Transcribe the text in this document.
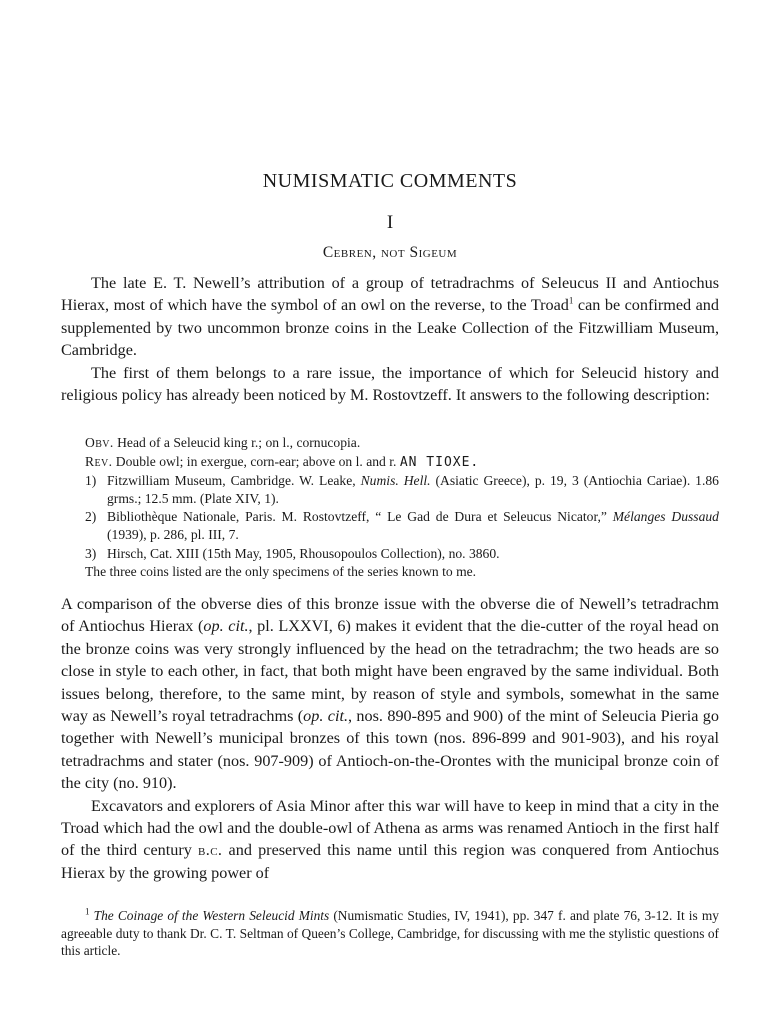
NUMISMATIC COMMENTS
I
Cebren, not Sigeum

The late E. T. Newell’s attribution of a group of tetradrachms of Seleucus II and Antiochus Hierax, most of which have the symbol of an owl on the reverse, to the Troad$^1$ can be confirmed and supplemented by two uncommon bronze coins in the Leake Collection of the Fitzwilliam Museum, Cambridge.

The first of them belongs to a rare issue, the importance of which for Seleucid history and religious policy has already been noticed by M. Rostovtzeff. It answers to the following description:

Obv. Head of a Seleucid king r.; on l., cornucopia.

Rev. Double owl; in exergue, corn-ear; above on l. and r. AN TIOXE.

1) Fitzwilliam Museum, Cambridge. W. Leake, Numis. Hell. (Asiatic Greece), p. 19, 3 (Antiochia Cariae). 1.86 grms.; 12.5 mm. (Plate XIV, 1).
2) Bibliothèque Nationale, Paris. M. Rostovtzeff, “ Le Gad de Dura et Seleucus Nicator,” Mélanges Dussaud (1939), p. 286, pl. III, 7.
3) Hirsch, Cat. XIII (15th May, 1905, Rhousopoulos Collection), no. 3860.

The three coins listed are the only specimens of the series known to me.

A comparison of the obverse dies of this bronze issue with the obverse die of Newell’s tetradrachm of Antiochus Hierax (op. cit., pl. LXXVI, 6) makes it evident that the die-cutter of the royal head on the bronze coins was very strongly influenced by the head on the tetradrachm; the two heads are so close in style to each other, in fact, that both might have been engraved by the same individual. Both issues belong, therefore, to the same mint, by reason of style and symbols, somewhat in the same way as Newell’s royal tetradrachms (op. cit., nos. 890-895 and 900) of the mint of Seleucia Pieria go together with Newell’s municipal bronzes of this town (nos. 896-899 and 901-903), and his royal tetradrachms and stater (nos. 907-909) of Antioch-on-the-Orontes with the municipal bronze coin of the city (no. 910).

Excavators and explorers of Asia Minor after this war will have to keep in mind that a city in the Troad which had the owl and the double-owl of Athena as arms was renamed Antioch in the first half of the third century b.c. and preserved this name until this region was conquered from Antiochus Hierax by the growing power of

$^1$ The Coinage of the Western Seleucid Mints (Numismatic Studies, IV, 1941), pp. 347 f. and plate 76, 3-12. It is my agreeable duty to thank Dr. C. T. Seltman of Queen’s College, Cambridge, for discussing with me the stylistic questions of this article.
